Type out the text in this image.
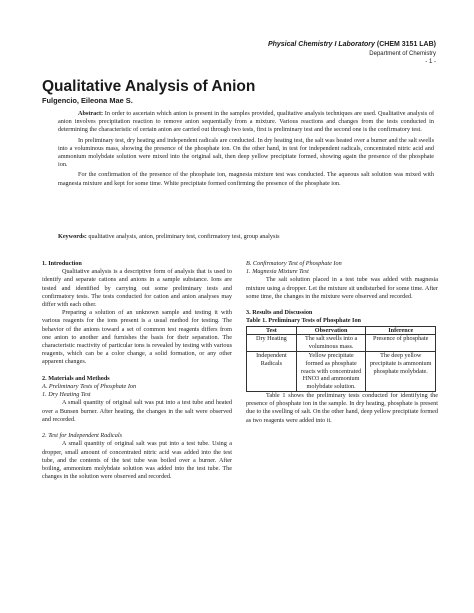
Physical Chemistry I Laboratory (CHEM 3151 LAB)
Department of Chemistry
- 1 -
Qualitative Analysis of Anion
Fulgencio, Eileona Mae S.

Abstract: In order to ascertain which anion is present in the samples provided, qualitative analysis techniques are used. Qualitative analysis of anion involves precipitation reaction to remove anion sequentially from a mixture. Various reactions and changes from the tests conducted in determining the characteristic of certain anion are carried out through two tests, first is preliminary test and the second one is the confirmatory test.

In preliminary test, dry heating and independent radicals are conducted. In dry heating test, the salt was heated over a burner and the salt swells into a voluminous mass, showing the presence of the phosphate ion. On the other hand, in test for independent radicals, concentrated nitric acid and ammonium molybdate solution were mixed into the original salt, then deep yellow precipitate formed, showing again the presence of the phosphate ion.

For the confirmation of the presence of the phosphate ion, magnesia mixture test was conducted. The aqueous salt solution was mixed with magnesia mixture and kept for some time. White precipitate formed confirming the presence of the phosphate ion.

Keywords: qualitative analysis, anion, preliminary test, confirmatory test, group analysis

1. Introduction

Qualitative analysis is a descriptive form of analysis that is used to identify and separate cations and anions in a sample substance. Ions are tested and identified by carrying out some preliminary tests and confirmatory tests. The tests conducted for cation and anion analyses may differ with each other.

Preparing a solution of an unknown sample and testing it with various reagents for the ions present is a usual method for testing. The behavior of the anions toward a set of common test reagents differs from one anion to another and furnishes the basis for their separation. The characteristic reactivity of particular ions is revealed by testing with various reagents, which can be a color change, a solid formation, or any other apparent changes.

2. Materials and Methods

A. Preliminary Tests of Phosphate Ion

1. Dry Heating Test

A small quantity of original salt was put into a test tube and heated over a Bunsen burner. After heating, the changes in the salt were observed and recorded.

2. Test for Independent Radicals

A small quantity of original salt was put into a test tube. Using a dropper, small amount of concentrated nitric acid was added into the test tube, and the contents of the test tube was boiled over a burner. After boiling, ammonium molybdate solution was added into the test tube. The changes in the solution were observed and recorded.

B. Confirmatory Test of Phosphate Ion

1. Magnesia Mixture Test

The salt solution placed in a test tube was added with magnesia mixture using a dropper. Let the mixture sit undisturbed for some time. After some time, the changes in the mixture were observed and recorded.

3. Results and Discussion

Table 1. Preliminary Tests of Phosphate Ion

Test	Observation	Inference
Dry Heating	The salt swells into a voluminous mass.	Presence of phosphate
Independent Radicals	Yellow precipitate formed as phosphate reacts with concentrated HNO3 and ammonium molybdate solution.	The deep yellow precipitate is ammonium phosphate molybdate.

Table 1 shows the preliminary tests conducted for identifying the presence of phosphate ion in the sample. In dry heating, phosphate is present due to the swelling of salt. On the other hand, deep yellow precipitate formed as two reagents were added into it.
